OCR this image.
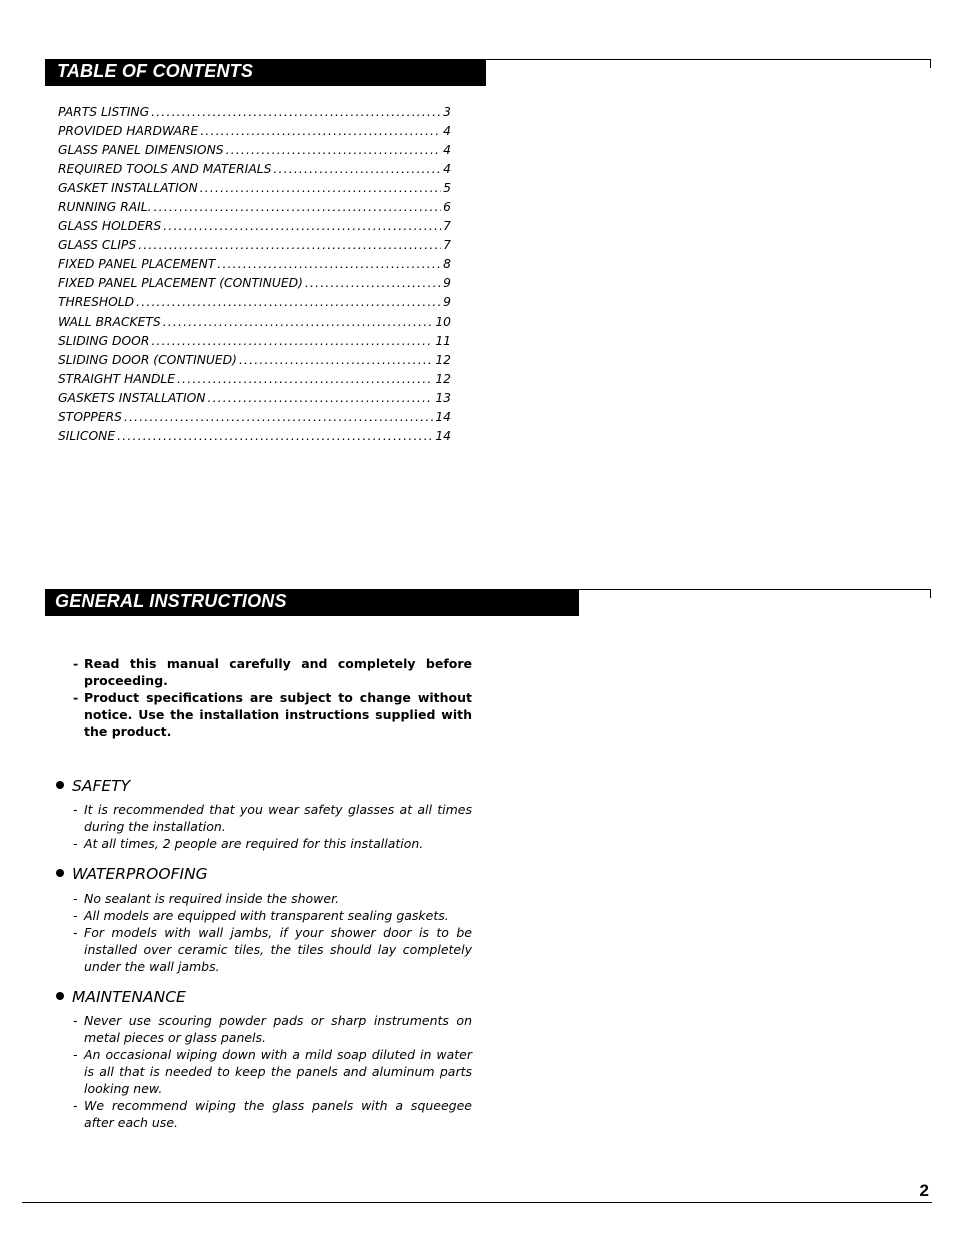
TABLE OF CONTENTS
PARTS LISTING .....	3
PROVIDED HARDWARE .....	4
GLASS PANEL DIMENSIONS .....	4
REQUIRED TOOLS AND MATERIALS .....	4
GASKET INSTALLATION .....	5
RUNNING RAIL. .....	6
GLASS HOLDERS .....	7
GLASS CLIPS .....	7
FIXED PANEL PLACEMENT .....	8
FIXED PANEL PLACEMENT (CONTINUED) .....	9
THRESHOLD .....	9
WALL BRACKETS .....	10
SLIDING DOOR .....	11
SLIDING DOOR (CONTINUED) .....	12
STRAIGHT HANDLE .....	12
GASKETS INSTALLATION .....	13
STOPPERS .....	14
SILICONE .....	14
GENERAL INSTRUCTIONS
- Read this manual carefully and completely before proceeding.
- Product specifications are subject to change without notice. Use the installation instructions supplied with the product.
SAFETY
- It is recommended that you wear safety glasses at all times during the installation.
- At all times, 2 people are required for this installation.
WATERPROOFING
- No sealant is required inside the shower.
- All models are equipped with transparent sealing gaskets.
- For models with wall jambs, if your shower door is to be installed over ceramic tiles, the tiles should lay completely under the wall jambs.
MAINTENANCE
- Never use scouring powder pads or sharp instruments on metal pieces or glass panels.
- An occasional wiping down with a mild soap diluted in water is all that is needed to keep the panels and aluminum parts looking new.
- We recommend wiping the glass panels with a squeegee after each use.
2
